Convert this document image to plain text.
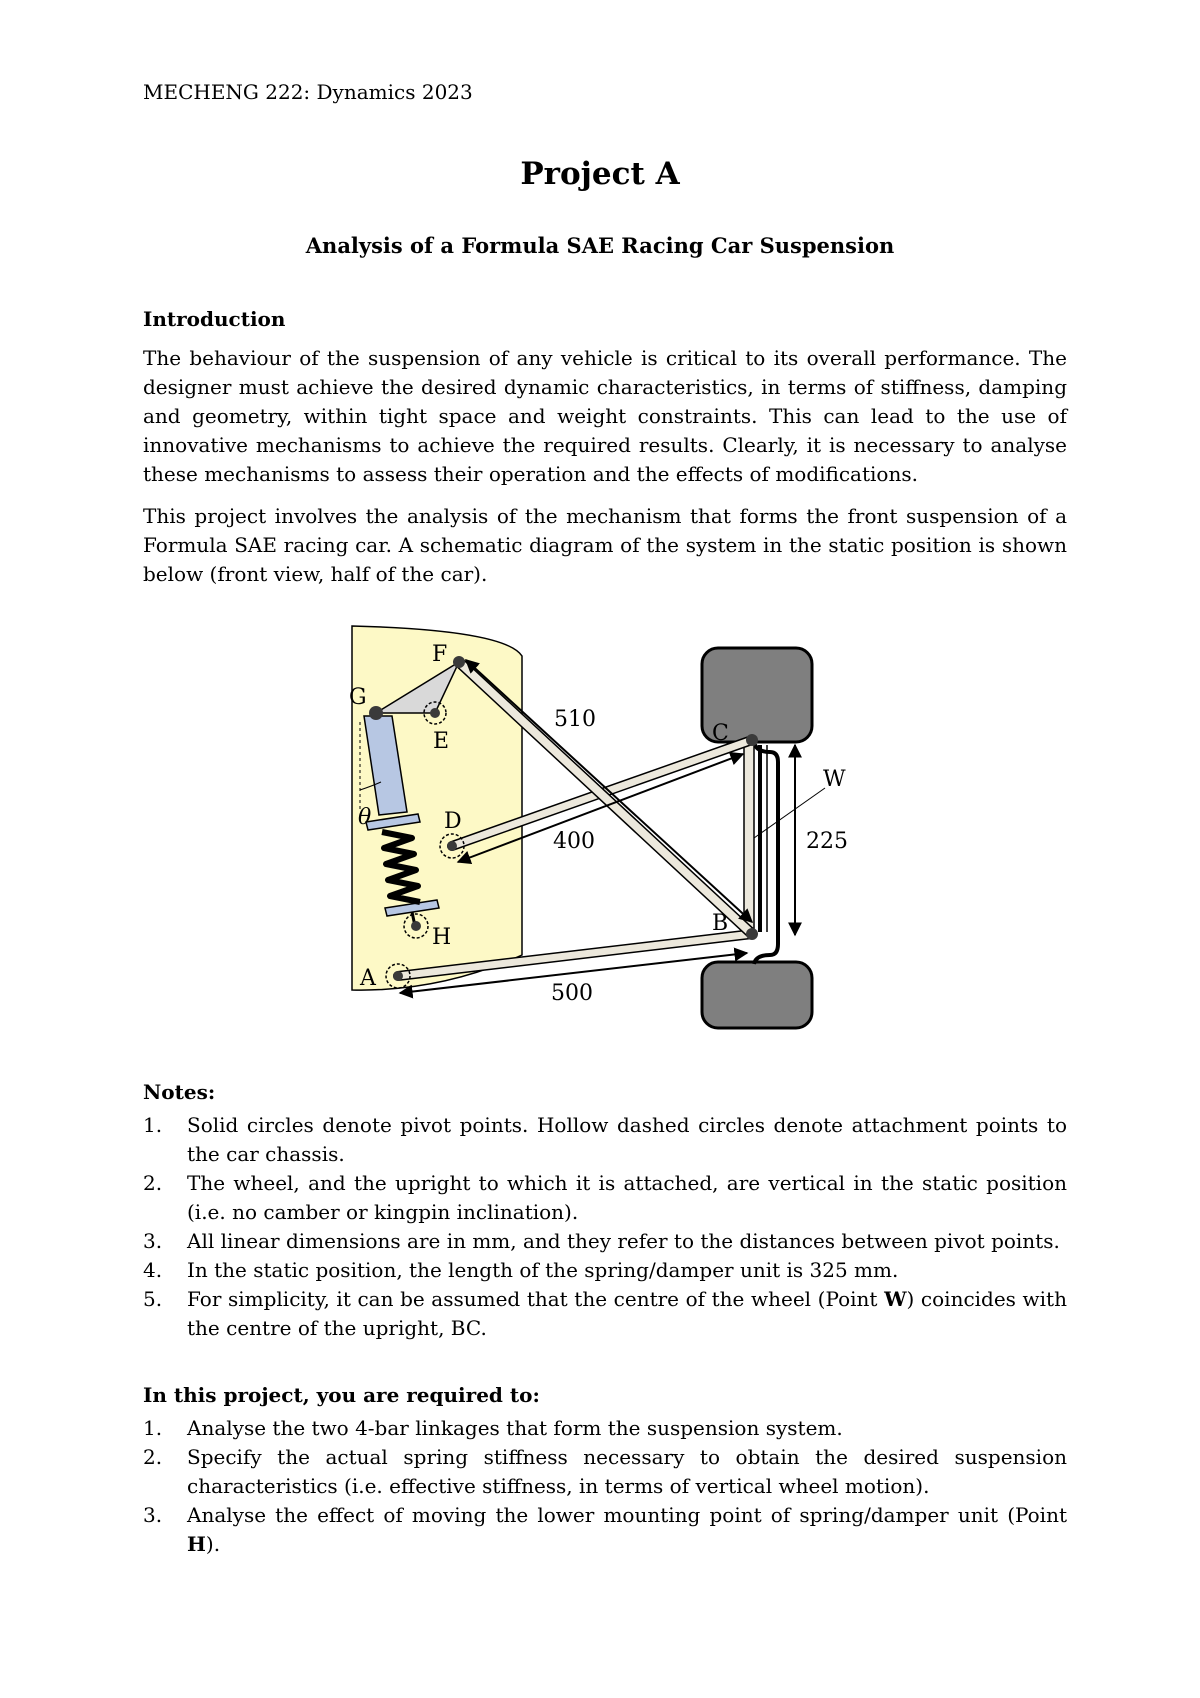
MECHENG 222: Dynamics 2023
Project A
Analysis of a Formula SAE Racing Car Suspension
Introduction

The behaviour of the suspension of any vehicle is critical to its overall performance. The designer must achieve the desired dynamic characteristics, in terms of stiffness, damping and geometry, within tight space and weight constraints. This can lead to the use of innovative mechanisms to achieve the required results. Clearly, it is necessary to analyse these mechanisms to assess their operation and the effects of modifications.

This project involves the analysis of the mechanism that forms the front suspension of a Formula SAE racing car. A schematic diagram of the system in the static position is shown below (front view, half of the car).

F
G
E
D
H
A
C
B
W
θ
510
400
500
225
Notes:
1. Solid circles denote pivot points. Hollow dashed circles denote attachment points to the car chassis.
2. The wheel, and the upright to which it is attached, are vertical in the static position (i.e. no camber or kingpin inclination).
3. All linear dimensions are in mm, and they refer to the distances between pivot points.
4. In the static position, the length of the spring/damper unit is 325 mm.
5. For simplicity, it can be assumed that the centre of the wheel (Point W) coincides with the centre of the upright, BC.
In this project, you are required to:
1. Analyse the two 4-bar linkages that form the suspension system.
2. Specify the actual spring stiffness necessary to obtain the desired suspension characteristics (i.e. effective stiffness, in terms of vertical wheel motion).
3. Analyse the effect of moving the lower mounting point of spring/damper unit (Point H).
